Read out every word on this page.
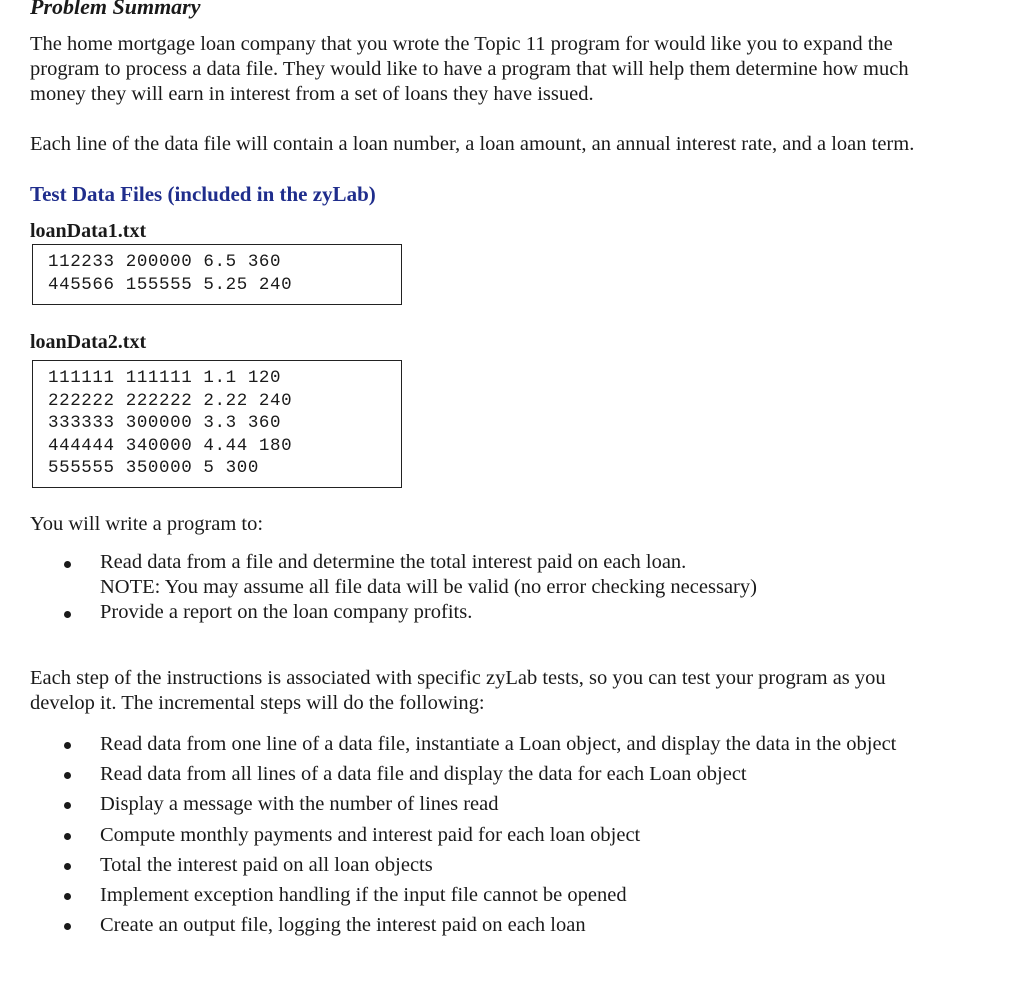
Problem Summary
The home mortgage loan company that you wrote the Topic 11 program for would like you to expand the
program to process a data file. They would like to have a program that will help them determine how much
money they will earn in interest from a set of loans they have issued.
Each line of the data file will contain a loan number, a loan amount, an annual interest rate, and a loan term.
Test Data Files (included in the zyLab)
loanData1.txt
112233 200000 6.5 360
445566 155555 5.25 240
loanData2.txt
111111 111111 1.1 120
222222 222222 2.22 240
333333 300000 3.3 360
444444 340000 4.44 180
555555 350000 5 300
You will write a program to:
Read data from a file and determine the total interest paid on each loan.
NOTE: You may assume all file data will be valid (no error checking necessary)
Provide a report on the loan company profits.
Each step of the instructions is associated with specific zyLab tests, so you can test your program as you
develop it. The incremental steps will do the following:
Read data from one line of a data file, instantiate a Loan object, and display the data in the object
Read data from all lines of a data file and display the data for each Loan object
Display a message with the number of lines read
Compute monthly payments and interest paid for each loan object
Total the interest paid on all loan objects
Implement exception handling if the input file cannot be opened
Create an output file, logging the interest paid on each loan
